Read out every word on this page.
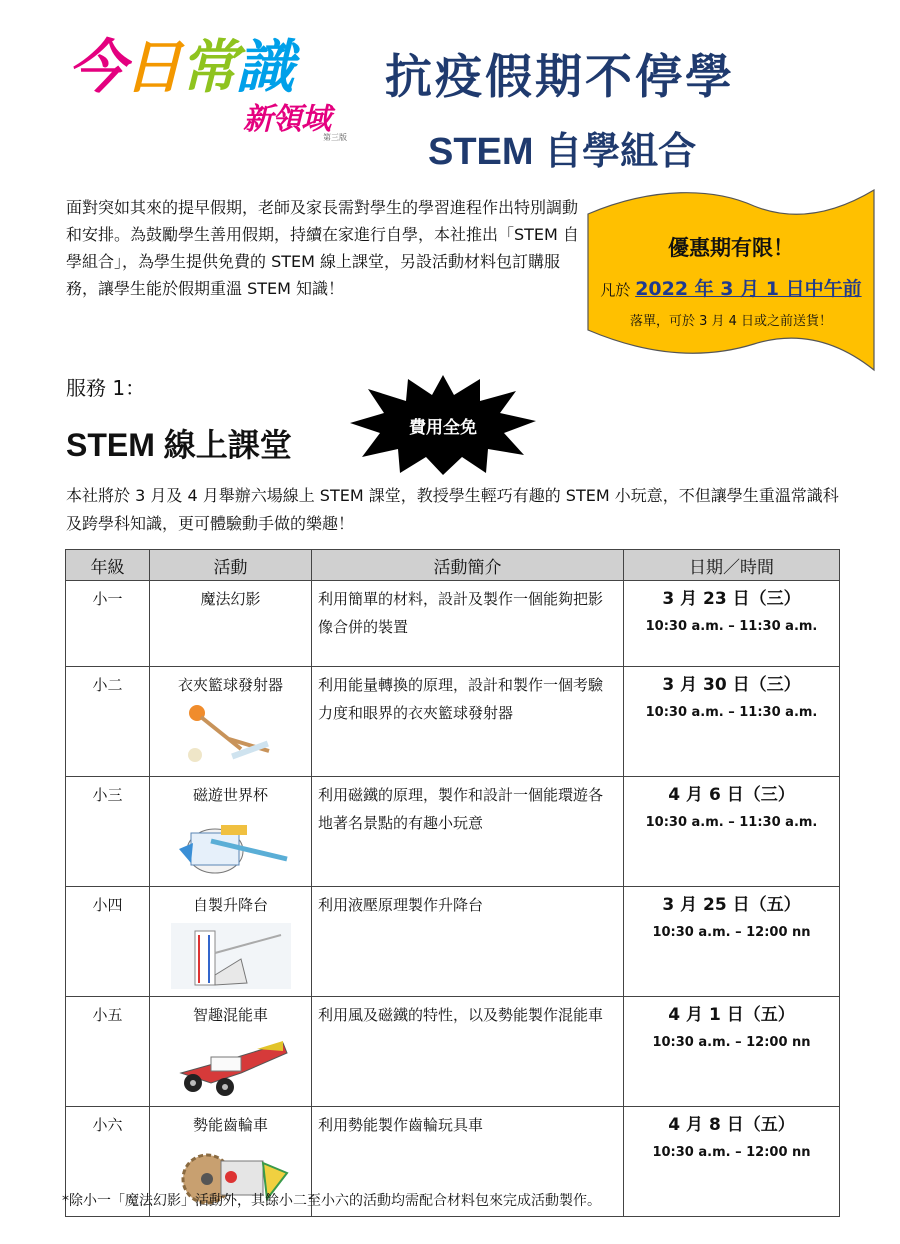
今日常識
新領域
第三版
抗疫假期不停學
STEM 自學組合
面對突如其來的提早假期，老師及家長需對學生的學習進程作出特別調動和安排。為鼓勵學生善用假期，持續在家進行自學，本社推出「STEM 自學組合」，為學生提供免費的 STEM 線上課堂，另設活動材料包訂購服務，讓學生能於假期重溫 STEM 知識！
優惠期有限！
凡於 2022 年 3 月 1 日中午前
落單，可於 3 月 4 日或之前送貨！
服務 1：
STEM 線上課堂	費用全免
本社將於 3 月及 4 月舉辦六場線上 STEM 課堂，教授學生輕巧有趣的 STEM 小玩意，不但讓學生重溫常識科及跨學科知識，更可體驗動手做的樂趣！
年級	活動	活動簡介	日期／時間
小一	魔法幻影	利用簡單的材料，設計及製作一個能夠把影像合併的裝置	3 月 23 日（三）
10:30 a.m. – 11:30 a.m.

小二	衣夾籃球發射器	利用能量轉換的原理，設計和製作一個考驗力度和眼界的衣夾籃球發射器	3 月 30 日（三）
10:30 a.m. – 11:30 a.m.

小三	磁遊世界杯	利用磁鐵的原理，製作和設計一個能環遊各地著名景點的有趣小玩意	4 月 6 日（三）
10:30 a.m. – 11:30 a.m.

小四	自製升降台	利用液壓原理製作升降台	3 月 25 日（五）
10:30 a.m. – 12:00 nn

小五	智趣混能車	利用風及磁鐵的特性，以及勢能製作混能車	4 月 1 日（五）
10:30 a.m. – 12:00 nn

小六	勢能齒輪車	利用勢能製作齒輪玩具車	4 月 8 日（五）
10:30 a.m. – 12:00 nn
*除小一「魔法幻影」活動外，其餘小二至小六的活動均需配合材料包來完成活動製作。
